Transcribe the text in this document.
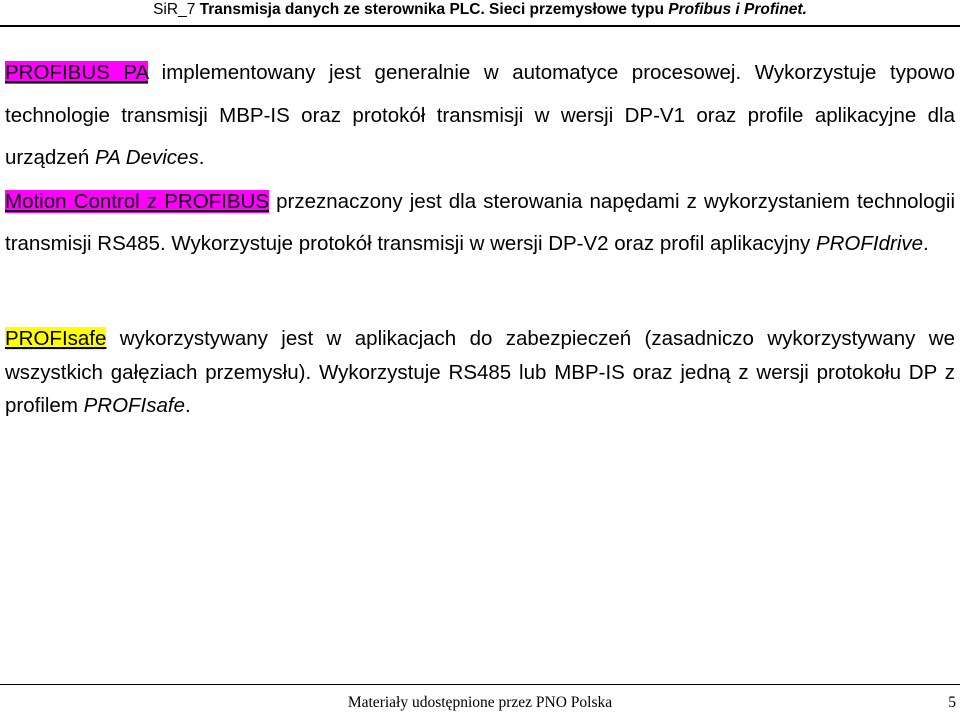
SiR_7 Transmisja danych ze sterownika PLC. Sieci przemysłowe typu Profibus i Profinet.

PROFIBUS PA implementowany jest generalnie w automatyce procesowej. Wykorzystuje typowo technologie transmisji MBP-IS oraz protokół transmisji w wersji DP-V1 oraz profile aplikacyjne dla urządzeń PA Devices.

Motion Control z PROFIBUS przeznaczony jest dla sterowania napędami z wykorzystaniem technologii transmisji RS485. Wykorzystuje protokół transmisji w wersji DP-V2 oraz profil aplikacyjny PROFIdrive.

PROFIsafe wykorzystywany jest w aplikacjach do zabezpieczeń (zasadniczo wykorzystywany we wszystkich gałęziach przemysłu). Wykorzystuje RS485 lub MBP-IS oraz jedną z wersji protokołu DP z profilem PROFIsafe.

Materiały udostępnione przez PNO Polska	5
